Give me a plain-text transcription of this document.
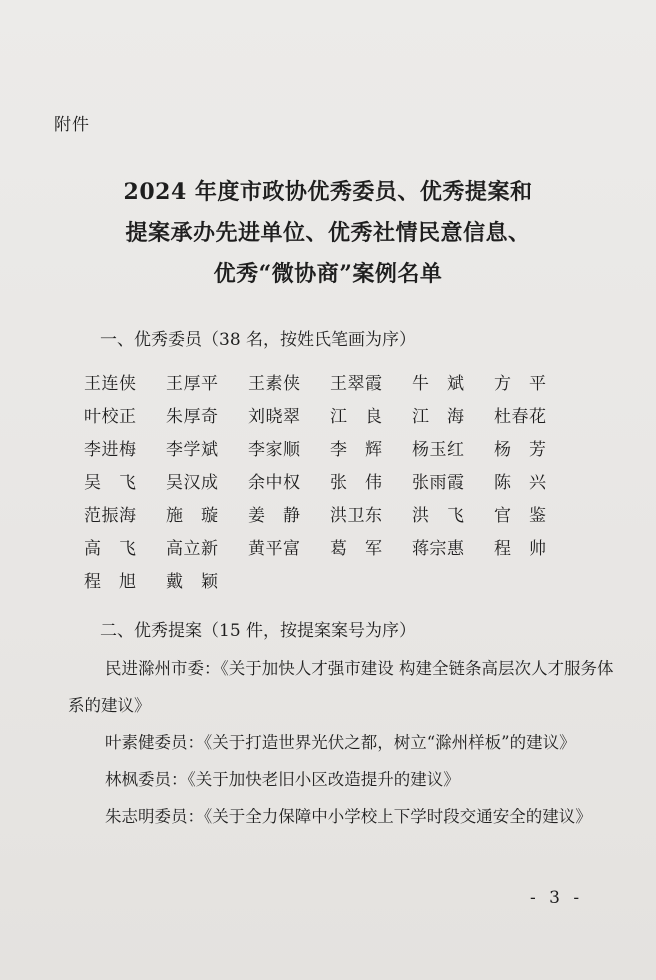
附件
2024 年度市政协优秀委员、优秀提案和
提案承办先进单位、优秀社情民意信息、
优秀“微协商”案例名单
一、优秀委员（38 名，按姓氏笔画为序）
王连侠	王厚平	王素侠	王翠霞	牛　斌	方　平
叶校正	朱厚奇	刘晓翠	江　良	江　海	杜春花
李进梅	李学斌	李家顺	李　辉	杨玉红	杨　芳
吴　飞	吴汉成	余中权	张　伟	张雨霞	陈　兴
范振海	施　璇	姜　静	洪卫东	洪　飞	官　鉴
高　飞	高立新	黄平富	葛　军	蒋宗惠	程　帅
程　旭	戴　颖
二、优秀提案（15 件，按提案案号为序）
民进滁州市委：《关于加快人才强市建设 构建全链条高层次人才服务体系的建议》
叶素健委员：《关于打造世界光伏之都，树立“滁州样板”的建议》
林枫委员：《关于加快老旧小区改造提升的建议》
朱志明委员：《关于全力保障中小学校上下学时段交通安全的建议》
- 3 -
